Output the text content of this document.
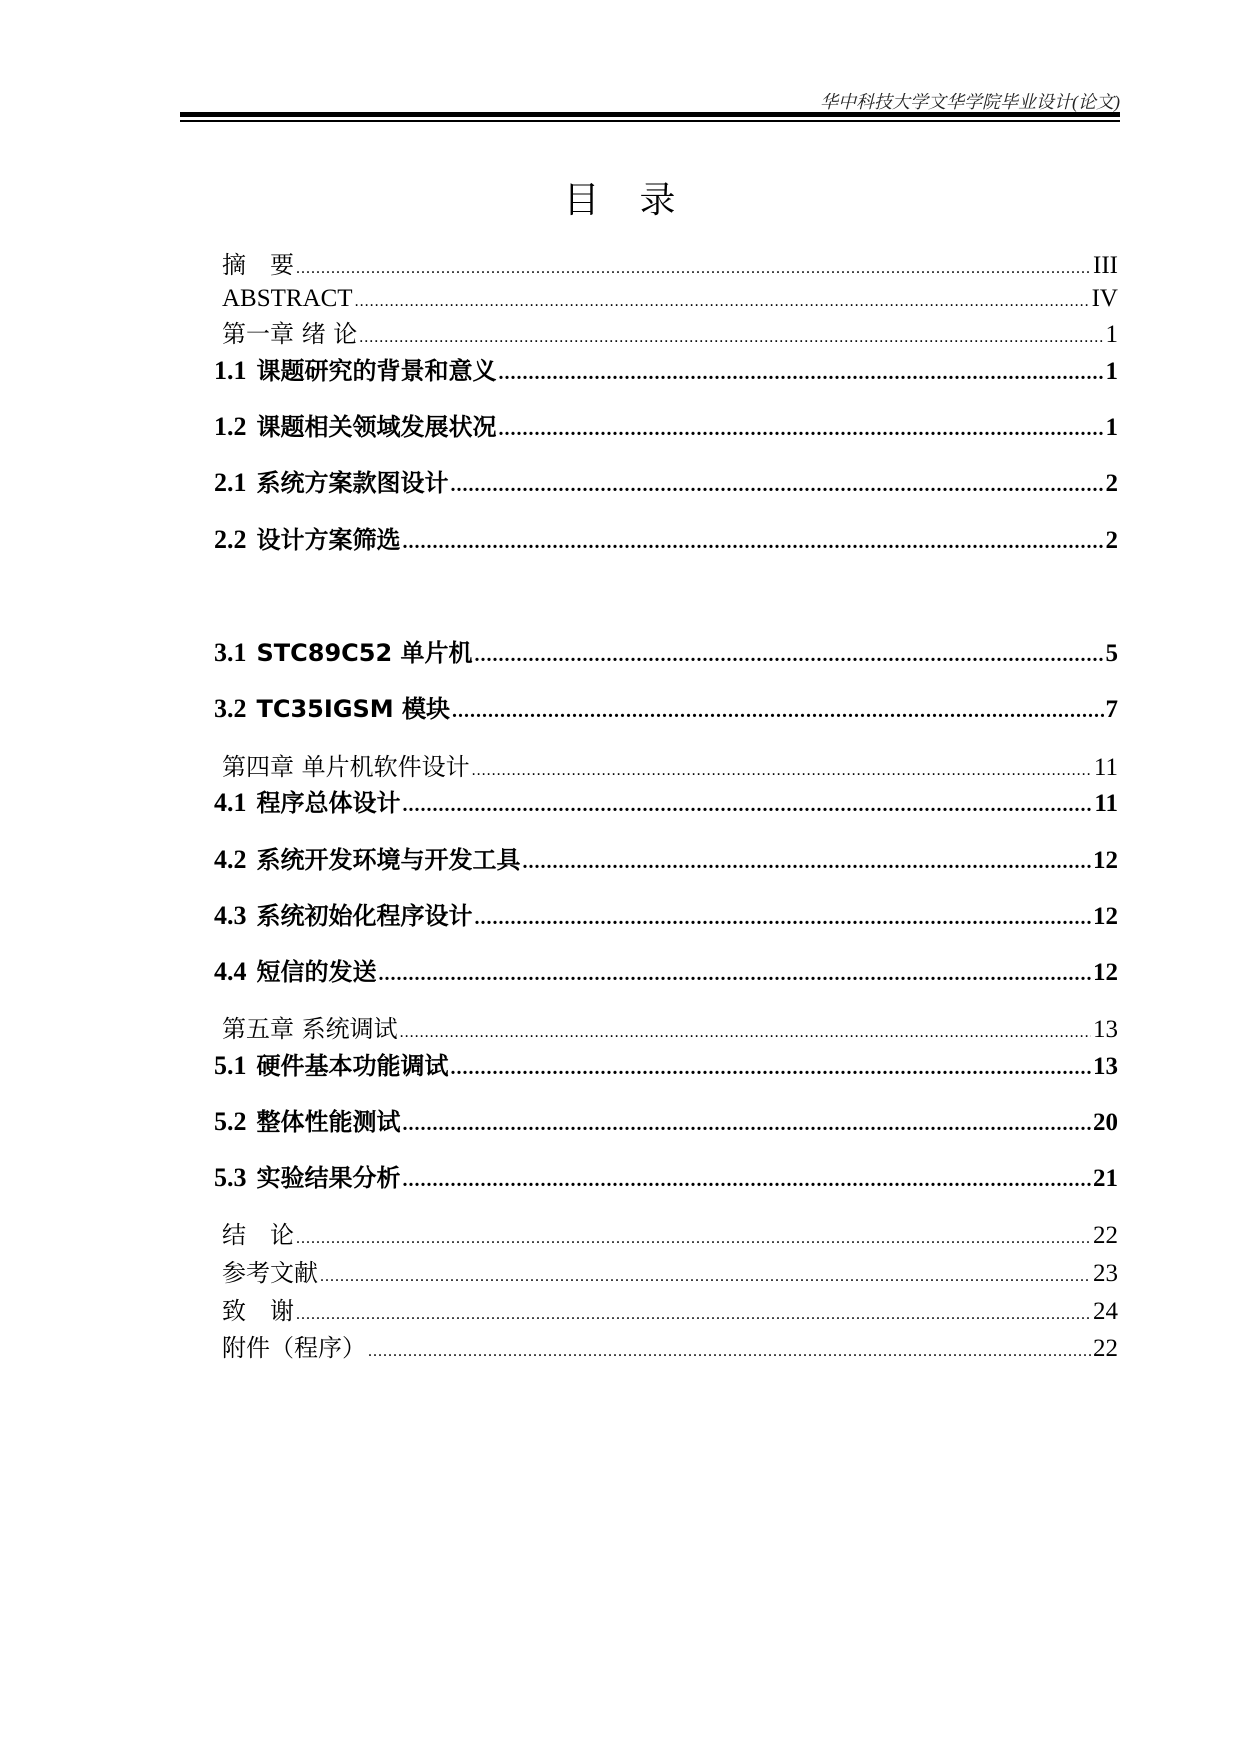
华中科技大学文华学院毕业设计(论文)
目　录
摘　要 .....	III
ABSTRACT .....	IV
第一章 绪 论 .....	1
1.1 课题研究的背景和意义 .....	1
1.2 课题相关领域发展状况 .....	1
2.1 系统方案款图设计 .....	2
2.2 设计方案筛选 .....	2
3.1 STC89C52 单片机 .....	5
3.2 TC35IGSM 模块 .....	7
第四章 单片机软件设计 .....	11
4.1 程序总体设计 .....	11
4.2 系统开发环境与开发工具 .....	12
4.3 系统初始化程序设计 .....	12
4.4 短信的发送 .....	12
第五章 系统调试 .....	13
5.1 硬件基本功能调试 .....	13
5.2 整体性能测试 .....	20
5.3 实验结果分析 .....	21
结　论 .....	22
参考文献 .....	23
致　谢 .....	24
附件（程序） .....	22
